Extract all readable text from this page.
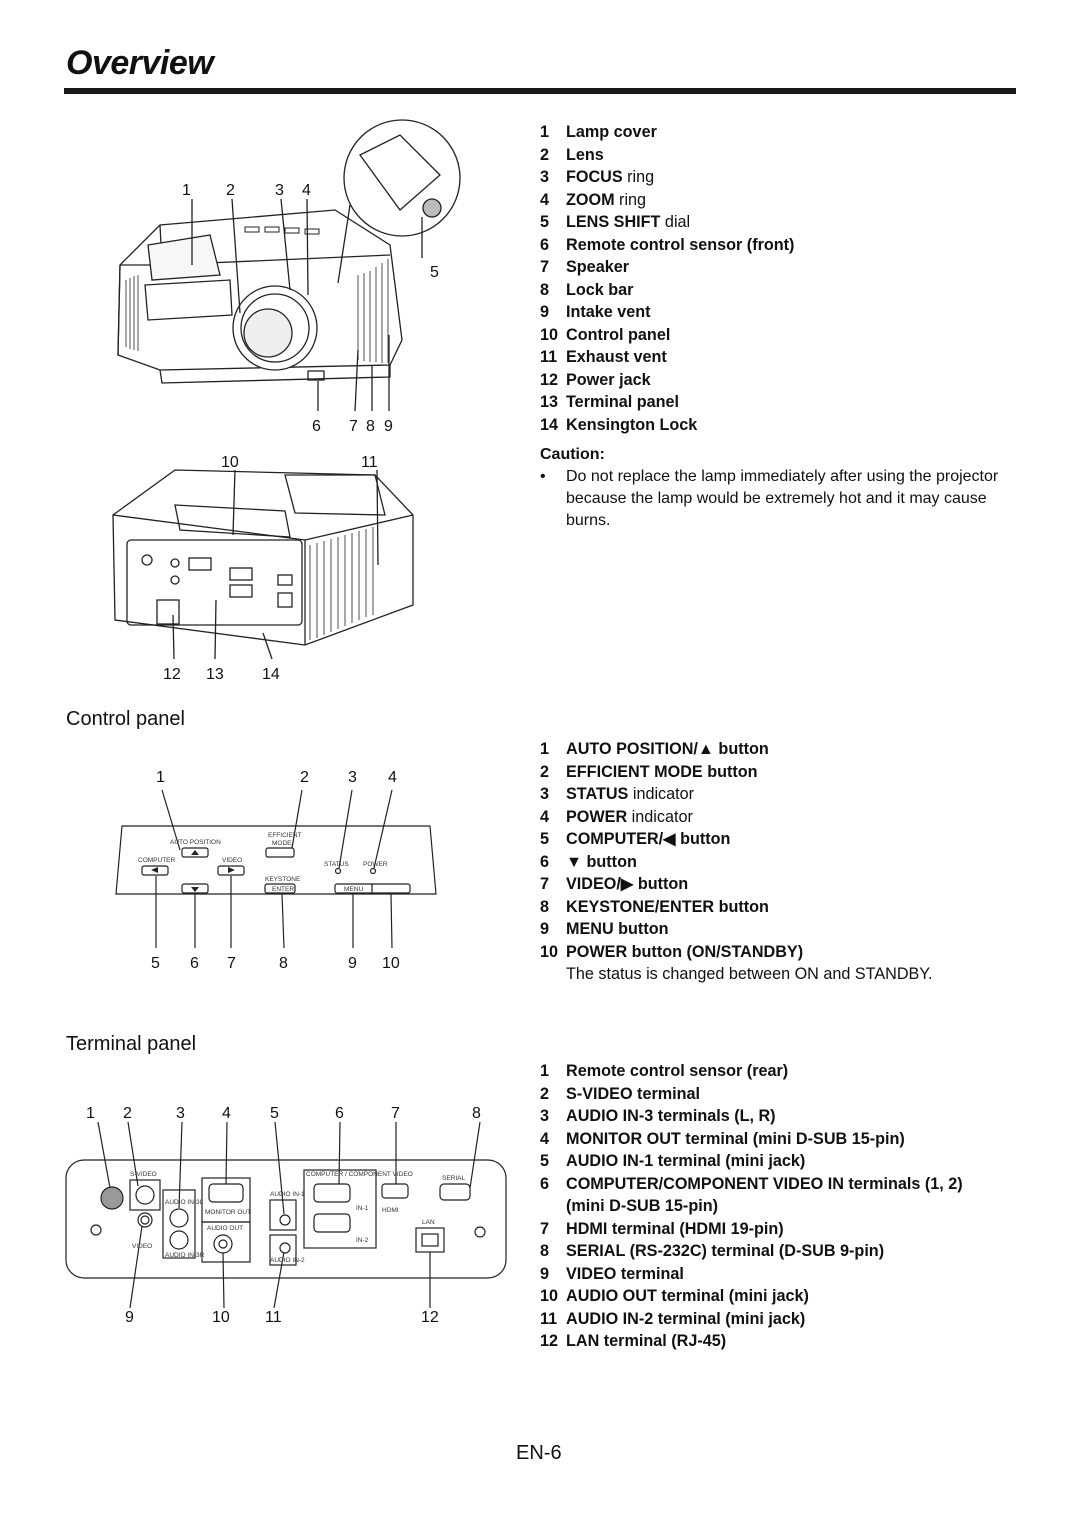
Overview
1 2	3 4
5
6 7 8 9
10	11
12 13 14
1	Lamp cover
2	Lens
3	FOCUS ring
4	ZOOM ring
5	LENS SHIFT dial
6	Remote control sensor (front)
7	Speaker
8	Lock bar
9	Intake vent
10 Control panel
11 Exhaust vent
12 Power jack
13 Terminal panel
14 Kensington Lock
Caution:
•	Do not replace the lamp immediately after using the projector because the lamp would be extremely hot and it may cause burns.
Control panel
AUTO POSITION
EFFICIENT
MODE
COMPUTER	VIDEO
STATUS POWER
KEYSTONE
ENTER	MENU
1	2 3 4
5 6 7	8	9 10
1	AUTO POSITION/▲ button
2	EFFICIENT MODE button
3	STATUS indicator
4	POWER indicator
5	COMPUTER/◀ button
6	▼ button
7	VIDEO/▶ button
8	KEYSTONE/ENTER button
9	MENU button
10 POWER button (ON/STANDBY)
The status is changed between ON and STANDBY.
Terminal panel
S-VIDEO
VIDEO
AUDIO IN-3L
AUDIO IN-3R
MONITOR OUT
AUDIO OUT
AUDIO IN-1
AUDIO IN-2
COMPUTER / COMPONENT VIDEO
IN-1
IN-2
HDMI
SERIAL
LAN
1 2	3 4 5	6	7	8
9	10 11	12
1	Remote control sensor (rear)
2	S-VIDEO terminal
3	AUDIO IN-3 terminals (L, R)
4	MONITOR OUT terminal (mini D-SUB 15-pin)
5	AUDIO IN-1 terminal (mini jack)
6	COMPUTER/COMPONENT VIDEO IN terminals (1, 2)
(mini D-SUB 15-pin)
7	HDMI terminal (HDMI 19-pin)
8	SERIAL (RS-232C) terminal (D-SUB 9-pin)
9	VIDEO terminal
10 AUDIO OUT terminal (mini jack)
11 AUDIO IN-2 terminal (mini jack)
12 LAN terminal (RJ-45)
EN-6
